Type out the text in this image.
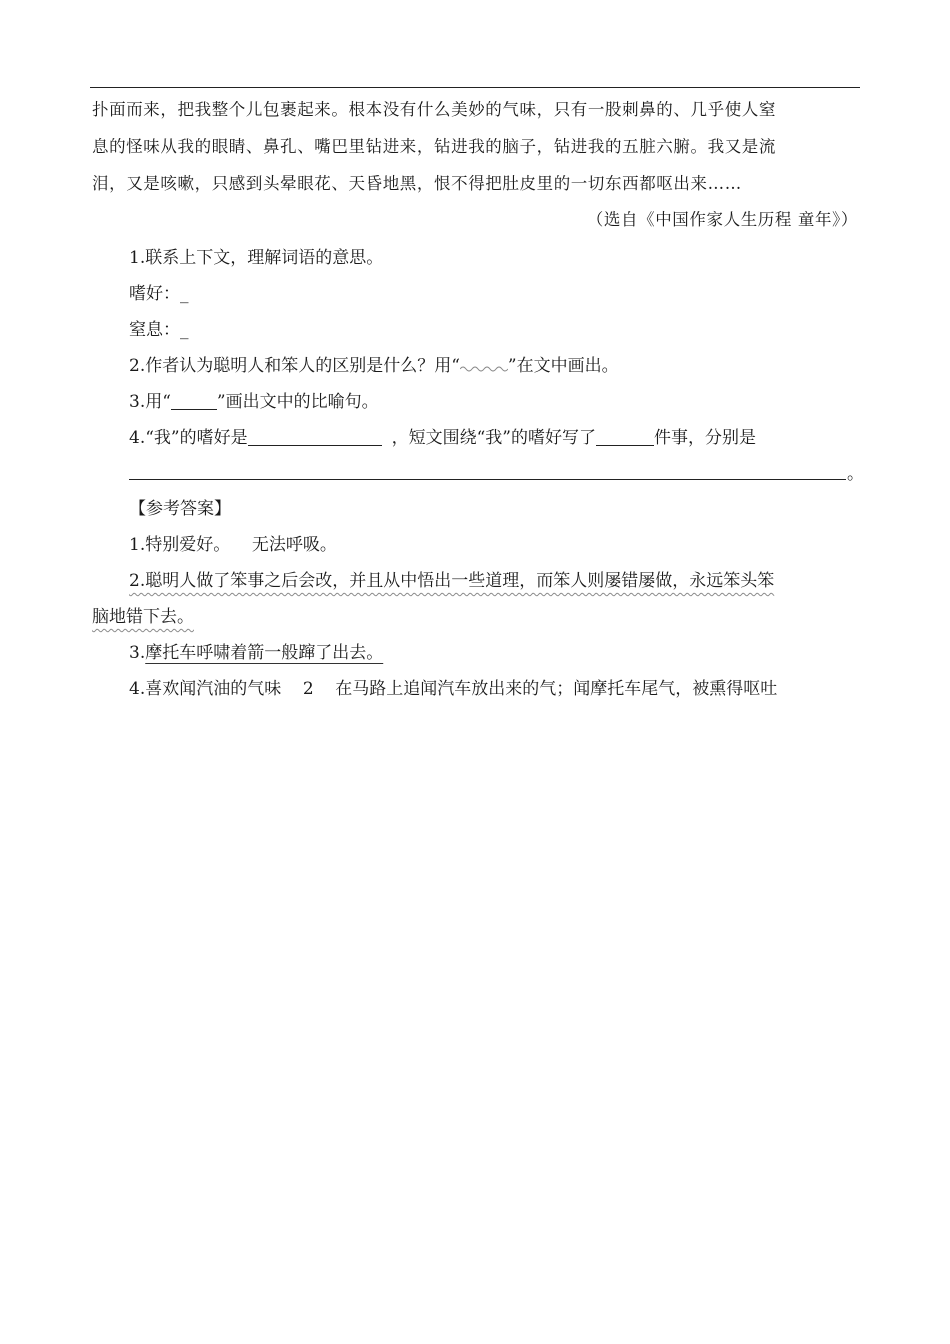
扑面而来，把我整个儿包裹起来。根本没有什么美妙的气味，只有一股刺鼻的、几乎使人窒
息的怪味从我的眼睛、鼻孔、嘴巴里钻进来，钻进我的脑子，钻进我的五脏六腑。我又是流
泪，又是咳嗽，只感到头晕眼花、天昏地黑，恨不得把肚皮里的一切东西都呕出来……
（选自《中国作家人生历程 童年》）
1.联系上下文，理解词语的意思。
嗜好：_
窒息：_
2.作者认为聪明人和笨人的区别是什么？用“	”在文中画出。
3.用“	”画出文中的比喻句。
4.“我”的嗜好是	，短文围绕“我”的嗜好写了	件事，分别是
。
【参考答案】
1.特别爱好。    无法呼吸。
2.聪明人做了笨事之后会改，并且从中悟出一些道理，而笨人则屡错屡做，永远笨头笨
脑地错下去。
3.摩托车呼啸着箭一般蹿了出去。
4.喜欢闻汽油的气味    2    在马路上追闻汽车放出来的气；闻摩托车尾气，被熏得呕吐
